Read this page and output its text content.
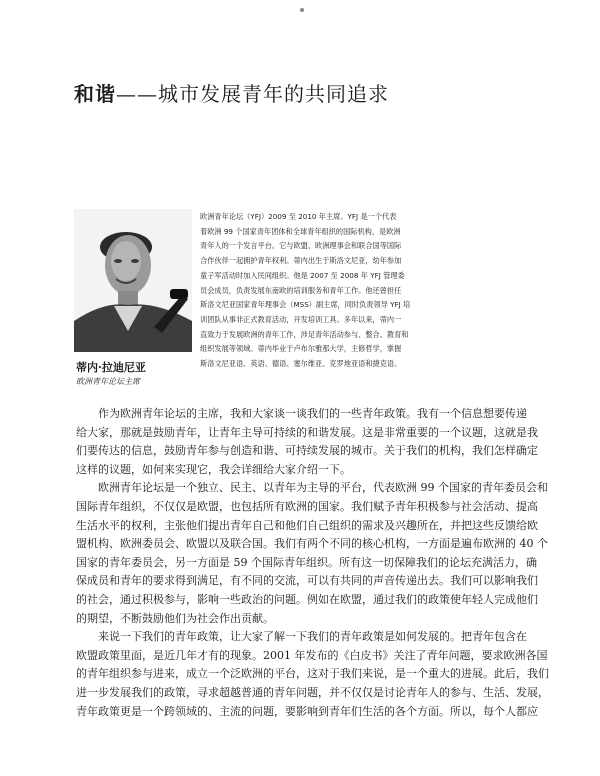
和谐——城市发展青年的共同追求

蒂内·拉迪尼亚

欧洲青年论坛主席

欧洲青年论坛（YFJ）2009 至 2010 年主席。YFJ 是一个代表
着欧洲 99 个国家青年团体和全球青年组织的国际机构，是欧洲
青年人的一个发言平台。它与欧盟、欧洲理事会和联合国等国际
合作伙伴一起拥护青年权利。蒂内出生于斯洛文尼亚，幼年参加
童子军活动时加入民间组织。他是 2007 至 2008 年 YFJ 管理委
员会成员，负责发展东南欧的培训服务和青年工作。他还曾担任
斯洛文尼亚国家青年理事会（MSS）副主席，同时负责领导 YFJ 培
训团队从事非正式教育活动，开发培训工具。多年以来，蒂内一
直致力于发展欧洲的青年工作，涉足青年活动参与、整合、教育和
组织发展等领域。蒂内毕业于卢布尔雅那大学，主修哲学，掌握
斯洛文尼亚语、英语、德语、塞尔维亚、克罗地亚语和捷克语。
作为欧洲青年论坛的主席，我和大家谈一谈我们的一些青年政策。我有一个信息想要传递
给大家，那就是鼓励青年，让青年主导可持续的和谐发展。这是非常重要的一个议题，这就是我
们要传达的信息，鼓励青年参与创造和谐、可持续发展的城市。关于我们的机构，我们怎样确定
这样的议题，如何来实现它，我会详细给大家介绍一下。
欧洲青年论坛是一个独立、民主、以青年为主导的平台，代表欧洲 99 个国家的青年委员会和
国际青年组织，不仅仅是欧盟，也包括所有欧洲的国家。我们赋予青年积极参与社会活动、提高
生活水平的权利，主张他们提出青年自己和他们自己组织的需求及兴趣所在，并把这些反馈给欧
盟机构、欧洲委员会、欧盟以及联合国。我们有两个不同的核心机构，一方面是遍布欧洲的 40 个
国家的青年委员会，另一方面是 59 个国际青年组织。所有这一切保障我们的论坛充满活力，确
保成员和青年的要求得到满足，有不同的交流，可以有共同的声音传递出去。我们可以影响我们
的社会，通过积极参与，影响一些政治的问题。例如在欧盟，通过我们的政策使年轻人完成他们
的期望，不断鼓励他们为社会作出贡献。
来说一下我们的青年政策，让大家了解一下我们的青年政策是如何发展的。把青年包含在
欧盟政策里面，是近几年才有的现象。2001 年发布的《白皮书》关注了青年问题，要求欧洲各国
的青年组织参与进来，成立一个泛欧洲的平台，这对于我们来说，是一个重大的进展。此后，我们
进一步发展我们的政策，寻求超越普通的青年问题，并不仅仅是讨论青年人的参与、生活、发展，
青年政策更是一个跨领域的、主流的问题，要影响到青年们生活的各个方面。所以，每个人都应
